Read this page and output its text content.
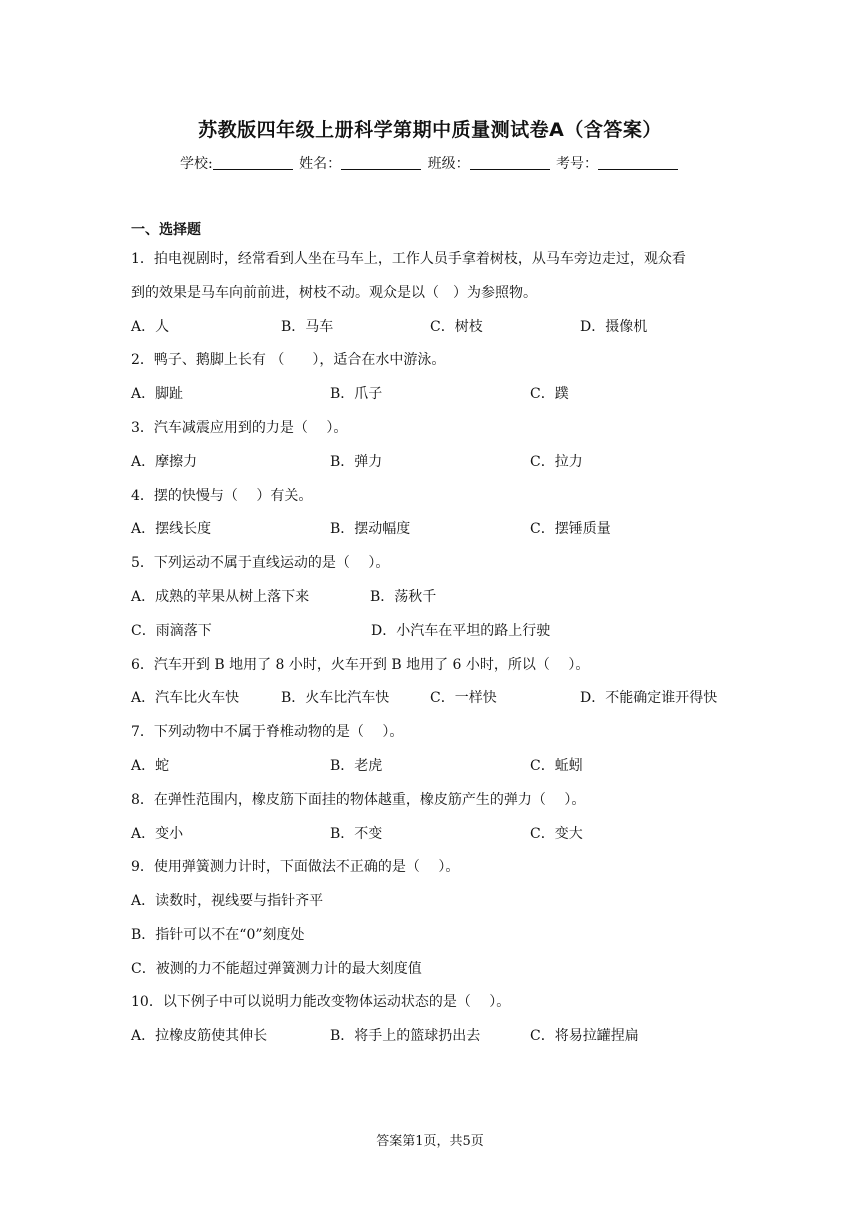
苏教版四年级上册科学第期中质量测试卷A（含答案）
学校:	姓名：	班级：	考号：
一、选择题
1．拍电视剧时，经常看到人坐在马车上，工作人员手拿着树枝，从马车旁边走过，观众看
到的效果是马车向前前进，树枝不动。观众是以（　）为参照物。
A．人	B．马车	C．树枝	D．摄像机
2．鸭子、鹅脚上长有 （　　），适合在水中游泳。
A．脚趾	B．爪子	C．蹼
3．汽车减震应用到的力是（　 ）。
A．摩擦力	B．弹力	C．拉力
4．摆的快慢与（　 ）有关。
A．摆线长度	B．摆动幅度	C．摆锤质量
5．下列运动不属于直线运动的是（　 ）。
A．成熟的苹果从树上落下来	B．荡秋千
C．雨滴落下	D．小汽车在平坦的路上行驶
6．汽车开到 B 地用了 8 小时，火车开到 B 地用了 6 小时，所以（　 ）。
A．汽车比火车快	B．火车比汽车快	C．一样快	D．不能确定谁开得快
7．下列动物中不属于脊椎动物的是（　 ）。
A．蛇	B．老虎	C．蚯蚓
8．在弹性范围内，橡皮筋下面挂的物体越重，橡皮筋产生的弹力（　 ）。
A．变小	B．不变	C．变大
9．使用弹簧测力计时，下面做法不正确的是（　 ）。
A．读数时，视线要与指针齐平
B．指针可以不在“0”刻度处
C．被测的力不能超过弹簧测力计的最大刻度值
10．以下例子中可以说明力能改变物体运动状态的是（　 ）。
A．拉橡皮筋使其伸长	B．将手上的篮球扔出去	C．将易拉罐捏扁
答案第1页，共5页
